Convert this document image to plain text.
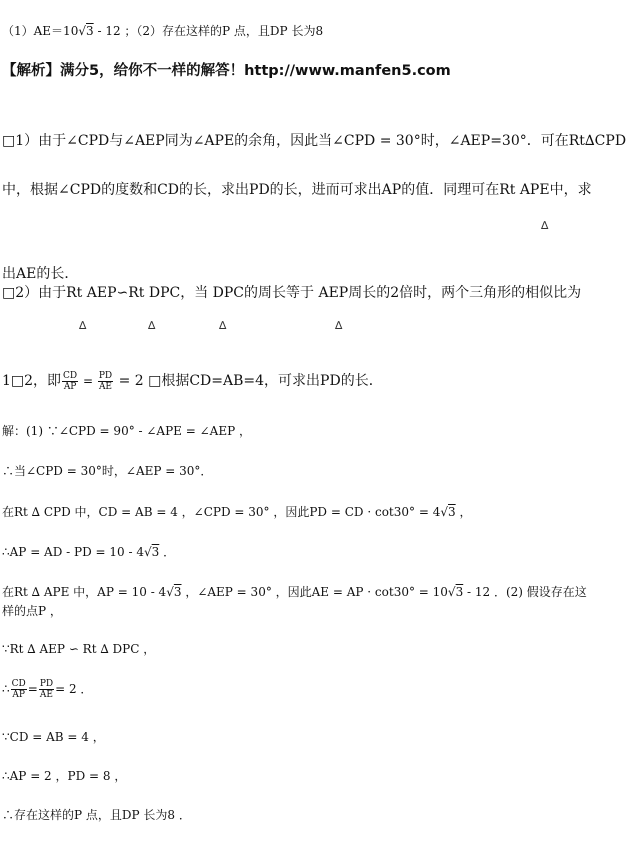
（1）AE＝10√3 - 12 ；（2）存在这样的P 点，且DP 长为8
【解析】满分5，给你不一样的解答！http://www.manfen5.com
□1）由于∠CPD与∠AEP同为∠APE的余角，因此当∠CPD = 30°时，∠AEP=30°．可在Rt∆CPD
中，根据∠CPD的度数和CD的长，求出PD的长，进而可求出AP的值．同理可在Rt APE中，求
∆
出AE的长．
□2）由于Rt AEP∽Rt DPC，当 DPC的周长等于 AEP周长的2倍时，两个三角形的相似比为
∆	∆	∆	∆
1□2，即 $\frac{CD}{AP} = \frac{PD}{AE} = 2$ □根据CD=AB=4，可求出PD的长．
解：(1) ∵∠CPD = 90° - ∠APE = ∠AEP ，
∴当∠CPD = 30°时，∠AEP = 30°．
在Rt ∆ CPD 中，CD = AB = 4 ，∠CPD = 30° ，因此PD = CD · cot30° = 4√3 ，
∴AP = AD - PD = 10 - 4√3 ．
在Rt ∆ APE 中，AP = 10 - 4√3 ，∠AEP = 30° ，因此AE = AP · cot30° = 10√3 - 12 ．(2) 假设存在这
样的点P ，
∵Rt ∆ AEP ∽ Rt ∆ DPC ，
∴ $\frac{CD}{AP} = \frac{PD}{AE} = 2$ ．
∵CD = AB = 4 ，
∴AP = 2 ，PD = 8 ，
∴存在这样的P 点，且DP 长为8 ．
